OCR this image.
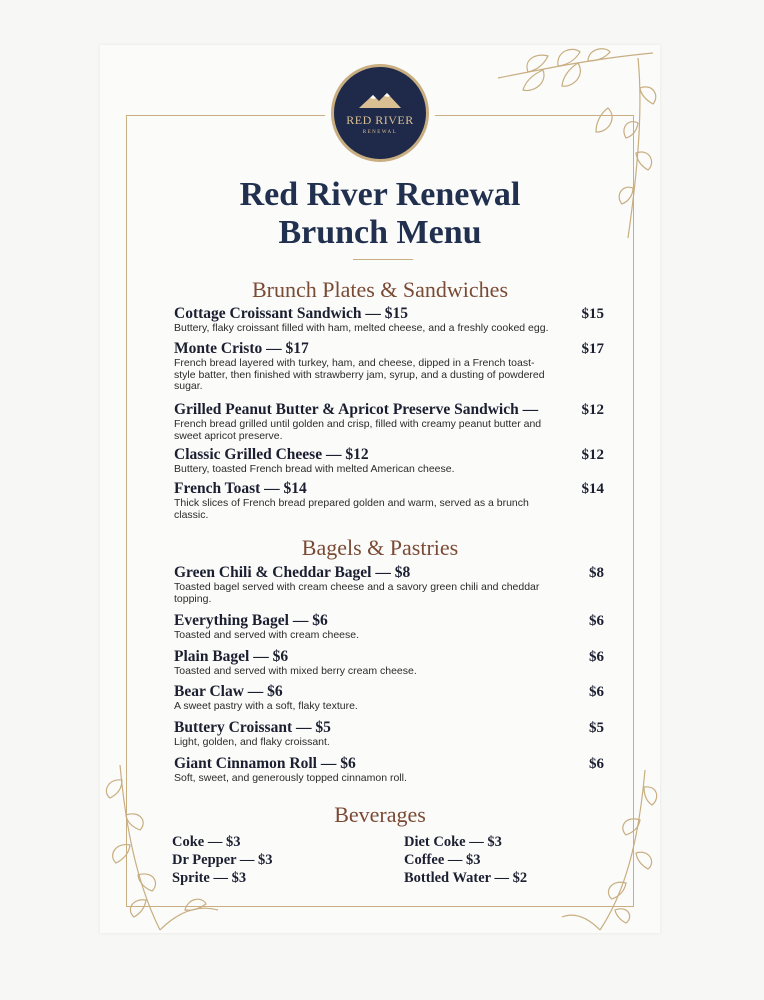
RED RIVER
RENEWAL
Red River Renewal
Brunch Menu
Brunch Plates & Sandwiches
Cottage Croissant Sandwich — $15
Buttery, flaky croissant filled with ham, melted cheese, and a freshly cooked egg.
$15
Monte Cristo — $17
French bread layered with turkey, ham, and cheese, dipped in a French toast-style batter, then finished with strawberry jam, syrup, and a dusting of powdered sugar.
$17
Grilled Peanut Butter & Apricot Preserve Sandwich —
French bread grilled until golden and crisp, filled with creamy peanut butter and sweet apricot preserve.
$12
Classic Grilled Cheese — $12
Buttery, toasted French bread with melted American cheese.
$12
French Toast — $14
Thick slices of French bread prepared golden and warm, served as a brunch classic.
$14
Bagels & Pastries
Green Chili & Cheddar Bagel — $8
Toasted bagel served with cream cheese and a savory green chili and cheddar topping.
$8
Everything Bagel — $6
Toasted and served with cream cheese.
$6
Plain Bagel — $6
Toasted and served with mixed berry cream cheese.
$6
Bear Claw — $6
A sweet pastry with a soft, flaky texture.
$6
Buttery Croissant — $5
Light, golden, and flaky croissant.
$5
Giant Cinnamon Roll — $6
Soft, sweet, and generously topped cinnamon roll.
$6
Beverages
Coke — $3
Dr Pepper — $3
Sprite — $3
Diet Coke — $3
Coffee — $3
Bottled Water — $2
